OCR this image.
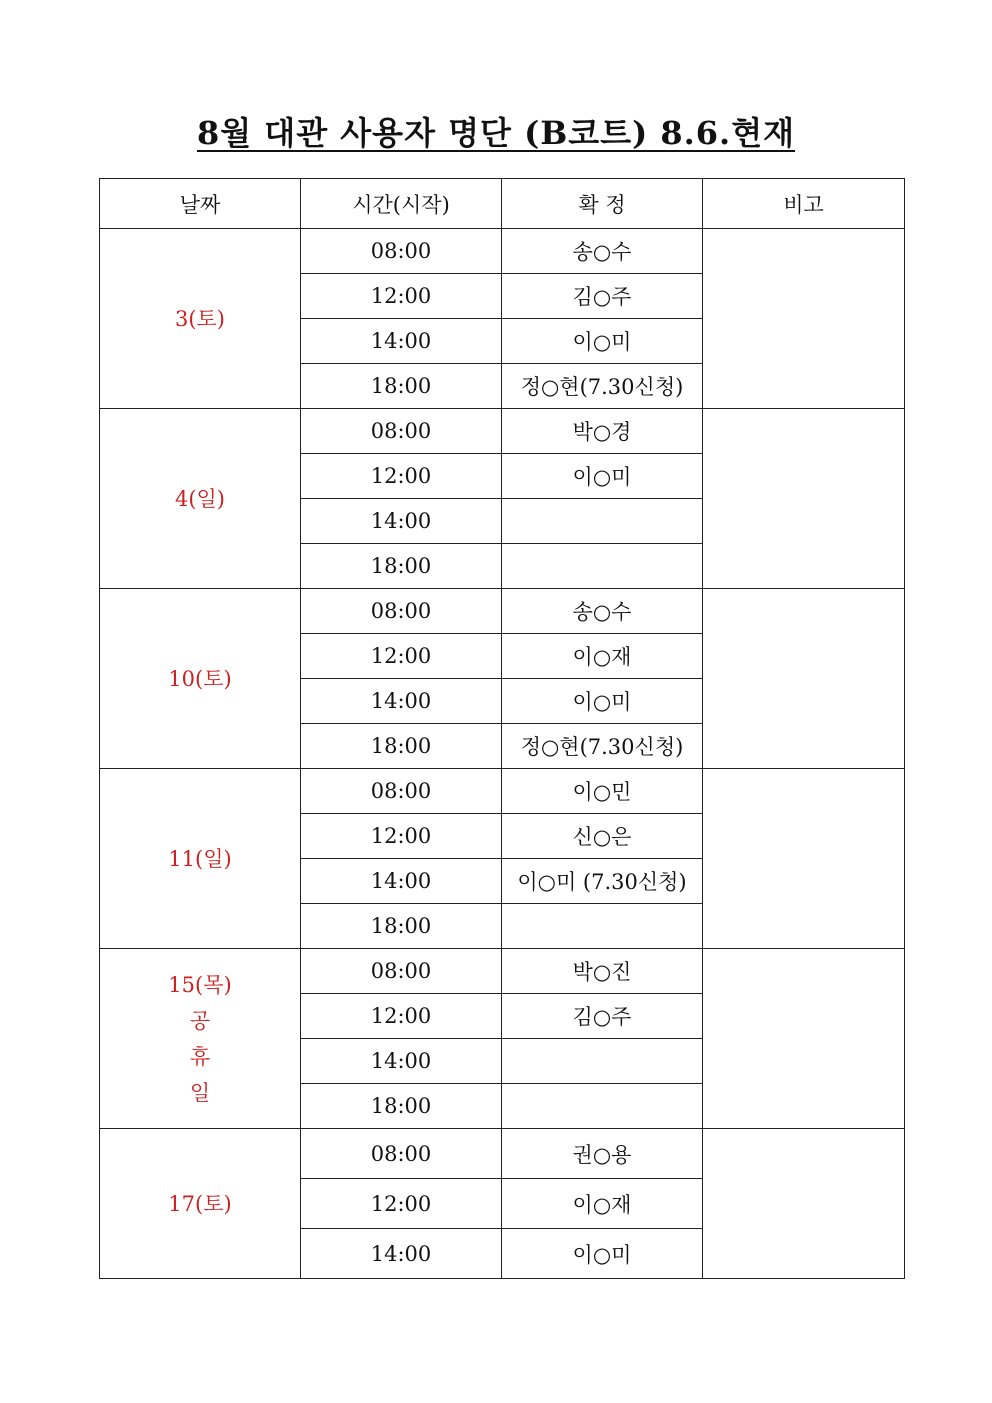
8월 대관 사용자 명단 (B코트) 8.6.현재
날짜	시간(시작)	확 정	비고

3(토)	08:00	송○수	
	12:00	김○주	
	14:00	이○미	
	18:00	정○현(7.30신청)	

4(일)	08:00	박○경	
	12:00	이○미	
	14:00		
	18:00		

10(토)	08:00	송○수	
	12:00	이○재	
	14:00	이○미	
	18:00	정○현(7.30신청)	

11(일)	08:00	이○민	
	12:00	신○은	
	14:00	이○미 (7.30신청)	
	18:00		

15(목)
공
휴
일	08:00	박○진	
	12:00	김○주	
	14:00		
	18:00		

17(토)	08:00	권○용	
	12:00	이○재	
	14:00	이○미	
